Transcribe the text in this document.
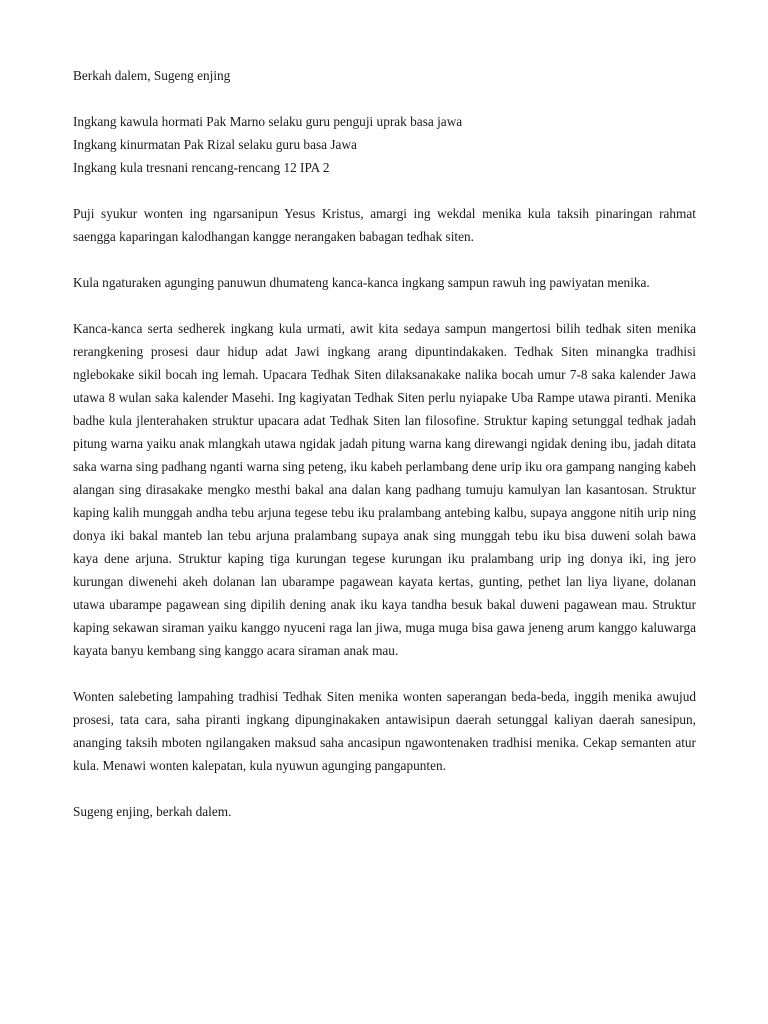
Berkah dalem, Sugeng enjing

Ingkang kawula hormati Pak Marno selaku guru penguji uprak basa jawa
Ingkang kinurmatan Pak Rizal selaku guru basa Jawa
Ingkang kula tresnani rencang-rencang 12 IPA 2

Puji syukur wonten ing ngarsanipun Yesus Kristus, amargi ing wekdal menika kula taksih pinaringan rahmat saengga kaparingan kalodhangan kangge nerangaken babagan tedhak siten.

Kula ngaturaken agunging panuwun dhumateng kanca-kanca ingkang sampun rawuh ing pawiyatan menika.

Kanca-kanca serta sedherek ingkang kula urmati, awit kita sedaya sampun mangertosi bilih tedhak siten menika rerangkening prosesi daur hidup adat Jawi ingkang arang dipuntindakaken. Tedhak Siten minangka tradhisi nglebokake sikil bocah ing lemah. Upacara Tedhak Siten dilaksanakake nalika bocah umur 7-8 saka kalender Jawa utawa 8 wulan saka kalender Masehi. Ing kagiyatan Tedhak Siten perlu nyiapake Uba Rampe utawa piranti. Menika badhe kula jlenterahaken struktur upacara adat Tedhak Siten lan filosofine. Struktur kaping setunggal tedhak jadah pitung warna yaiku anak mlangkah utawa ngidak jadah pitung warna kang direwangi ngidak dening ibu, jadah ditata saka warna sing padhang nganti warna sing peteng, iku kabeh perlambang dene urip iku ora gampang nanging kabeh alangan sing dirasakake mengko mesthi bakal ana dalan kang padhang tumuju kamulyan lan kasantosan. Struktur kaping kalih munggah andha tebu arjuna tegese tebu iku pralambang antebing kalbu, supaya anggone nitih urip ning donya iki bakal manteb lan tebu arjuna pralambang supaya anak sing munggah tebu iku bisa duweni solah bawa kaya dene arjuna. Struktur kaping tiga kurungan tegese kurungan iku pralambang urip ing donya iki, ing jero kurungan diwenehi akeh dolanan lan ubarampe pagawean kayata kertas, gunting, pethet lan liya liyane, dolanan utawa ubarampe pagawean sing dipilih dening anak iku kaya tandha besuk bakal duweni pagawean mau. Struktur kaping sekawan siraman yaiku kanggo nyuceni raga lan jiwa, muga muga bisa gawa jeneng arum kanggo kaluwarga kayata banyu kembang sing kanggo acara siraman anak mau.

Wonten salebeting lampahing tradhisi Tedhak Siten menika wonten saperangan beda-beda, inggih menika awujud prosesi, tata cara, saha piranti ingkang dipunginakaken antawisipun daerah setunggal kaliyan daerah sanesipun, ananging taksih mboten ngilangaken maksud saha ancasipun ngawontenaken tradhisi menika. Cekap semanten atur kula. Menawi wonten kalepatan, kula nyuwun agunging pangapunten.

Sugeng enjing, berkah dalem.
